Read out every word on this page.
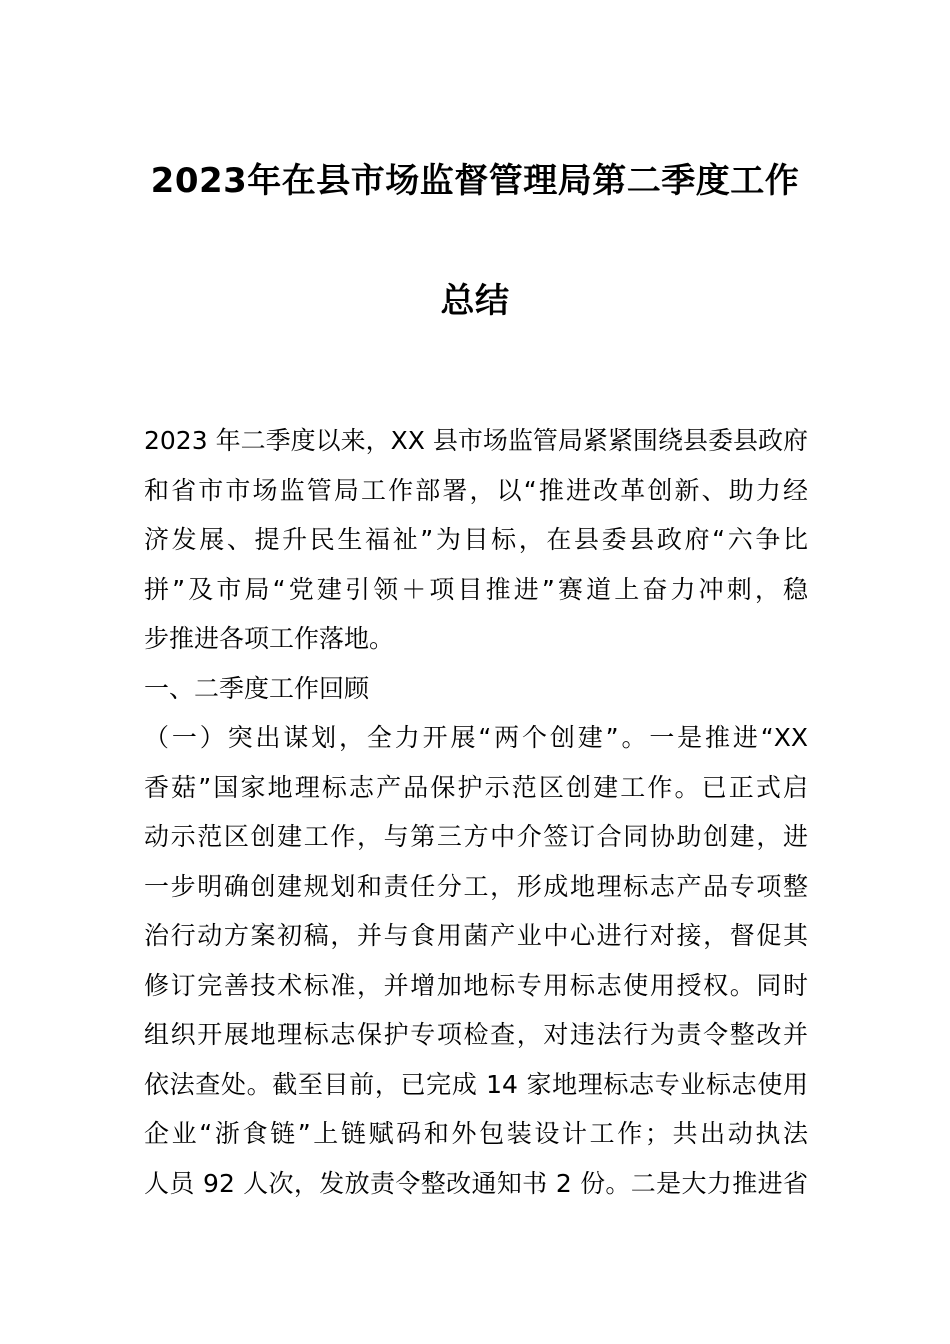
2023年在县市场监督管理局第二季度工作
总结
2023 年二季度以来，XX 县市场监管局紧紧围绕县委县政府
和省市市场监管局工作部署，以“推进改革创新、助力经
济发展、提升民生福祉”为目标，在县委县政府“六争比
拼”及市局“党建引领＋项目推进”赛道上奋力冲刺，稳
步推进各项工作落地。
一、二季度工作回顾
（一）突出谋划，全力开展“两个创建”。一是推进“XX
香菇”国家地理标志产品保护示范区创建工作。已正式启
动示范区创建工作，与第三方中介签订合同协助创建，进
一步明确创建规划和责任分工，形成地理标志产品专项整
治行动方案初稿，并与食用菌产业中心进行对接，督促其
修订完善技术标准，并增加地标专用标志使用授权。同时
组织开展地理标志保护专项检查，对违法行为责令整改并
依法查处。截至目前，已完成 14 家地理标志专业标志使用
企业“浙食链”上链赋码和外包装设计工作；共出动执法
人员 92 人次，发放责令整改通知书 2 份。二是大力推进省
